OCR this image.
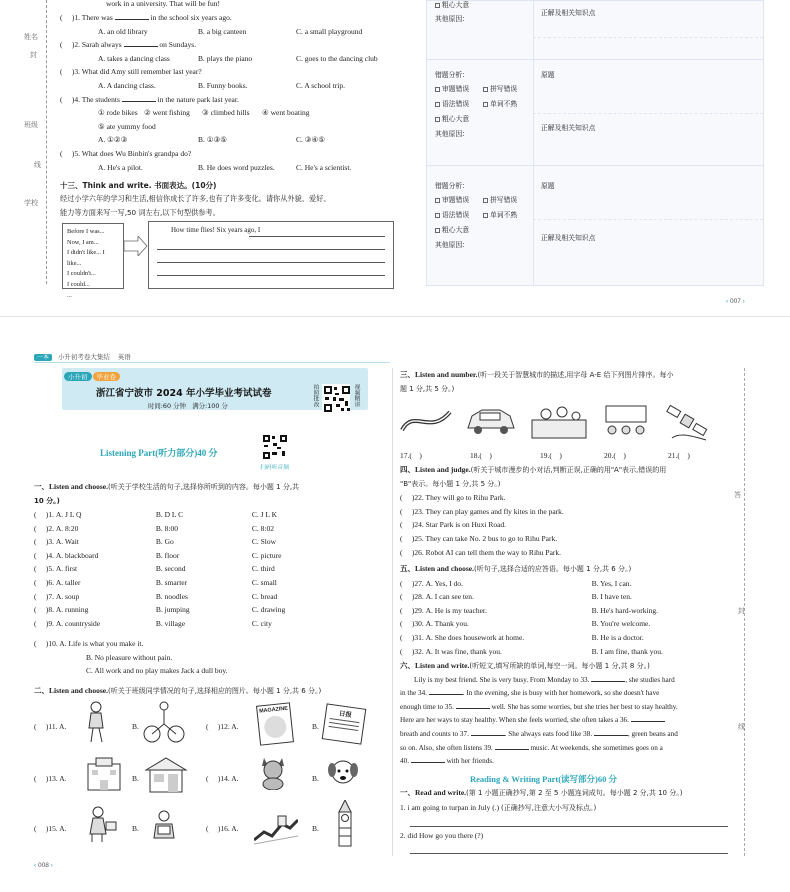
姓名
封
班级
线
学校
work in a university. That will be fun!
(     )1. There was	in the school six years ago.
A. an old library	B. a big canteen	C. a small playground
(     )2. Sarah always	on Sundays.
A. takes a dancing class	B. plays the piano	C. goes to the dancing club
(     )3. What did Amy still remember last year?
A. A dancing class.	B. Funny books.	C. A school trip.
(     )4. The students	in the nature park last year.
① rode bikes ② went fishing ③ climbed hills ④ went boating
⑤ ate yummy food
A. ①②③	B. ①③⑤	C. ③④⑤
(     )5. What does Wu Binbin's grandpa do?
A. He's a pilot.	B. He does word puzzles.	C. He's a scientist.
十三、Think and write. 书面表达。(10分)
经过小学六年的学习和生活,相信你成长了许多,也有了许多变化。请你从外貌、爱好、
能力等方面来写一写,50 词左右,以下句型供参考。
Before I was...
Now, I am...
I didn't like... I like...
I couldn't...
I could...
...
How time flies! Six years ago, I
粗心大意
其他原因:
正解及相关知识点
错题分析:
审题错误	拼写错误
语法错误	单词不熟
粗心大意
其他原因:
原题
正解及相关知识点
错题分析:
审题错误	拼写错误
语法错误	单词不熟
粗心大意
其他原因:
原题
正解及相关知识点
‹ 007 ›
一本 小升初考卷大集结 英语
小升初 毕业卷
浙江省宁波市 2024 年小学毕业考试试卷
时间:60 分钟　满分:100 分	拍照批改	视频精讲
Listening Part(听力部分)40 分
扫码听音频
一、Listen and choose.(听关于学校生活的句子,选择你所听到的内容。每小题 1 分,共
10 分。)
(     )1. A. J L Q	B. D L C	C. J L K
(     )2. A. 8:20	B. 8:00	C. 8:02
(     )3. A. Wait	B. Go	C. Slow
(     )4. A. blackboard	B. floor	C. picture
(     )5. A. first	B. second	C. third
(     )6. A. taller	B. smarter	C. small
(     )7. A. soup	B. noodles	C. bread
(     )8. A. running	B. jumping	C. drawing
(     )9. A. countryside	B. village	C. city
(     )10. A. Life is what you make it.
B. No pleasure without pain.
C. All work and no play makes Jack a dull boy.
二、Listen and choose.(听关于班级同学情况的句子,选择相应的图片。每小题 1 分,共 6 分。)
(     )11. A.	B.	(     )12. A.
MAGAZINE
B.
日报
(     )13. A.	B.	(     )14. A.	B.
(     )15. A.	B.	(     )16. A.	B.
‹ 008 ›
三、Listen and number.(听一段关于智慧城市的描述,用字母 A-E 给下列图片排序。每小
题 1 分,共 5 分。)
17.(    )	18.(    )	19.(    )	20.(    )	21.(    )
四、Listen and judge.(听关于城市漫步的小对话,判断正误,正确的用"A"表示,错误的用
"B"表示。每小题 1 分,共 5 分。)
(     )22. They will go to Rihu Park.
(     )23. They can play games and fly kites in the park.
(     )24. Star Park is on Huxi Road.
(     )25. They can take No. 2 bus to go to Rihu Park.
(     )26. Robot AI can tell them the way to Rihu Park.
五、Listen and choose.(听句子,选择合适的应答语。每小题 1 分,共 6 分。)
(     )27. A. Yes, I do.	B. Yes, I can.
(     )28. A. I can see ten.	B. I have ten.
(     )29. A. He is my teacher.	B. He's hard-working.
(     )30. A. Thank you.	B. You're welcome.
(     )31. A. She does housework at home.	B. He is a doctor.
(     )32. A. It was fine, thank you.	B. I am fine, thank you.
六、Listen and write.(听短文,填写所缺的单词,每空一词。每小题 1 分,共 8 分。)
Lily is my best friend. She is very busy. From Monday to 33.	, she studies hard
in the 34.	. In the evening, she is busy with her homework, so she doesn't have
enough time to 35.	well. She has some worries, but she tries her best to stay healthy.
Here are her ways to stay healthy. When she feels worried, she often takes a 36.
breath and counts to 37.	. She always eats food like 38.	, green beans and
so on. Also, she often listens 39.	music. At weekends, she sometimes goes on a
40.	with her friends.
Reading & Writing Part(读写部分)60 分
一、Read and write.(第 1 小题正确抄写,第 2 至 5 小题连词成句。每小题 2 分,共 10 分。)
1. i am going to turpan in July (.) (正确抄写,注意大小写及标点。)
2. did How go you there (?)
答
封
线
